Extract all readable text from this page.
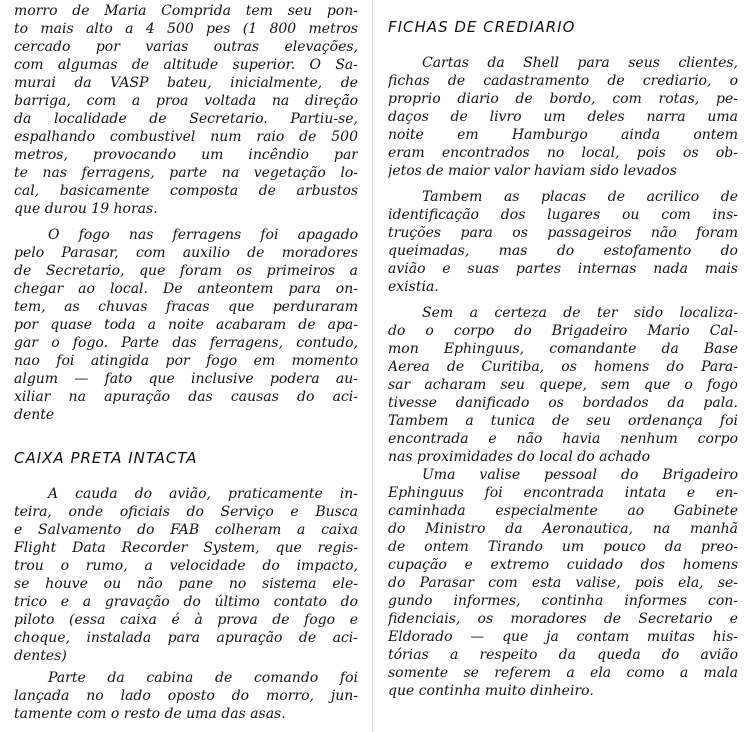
morro de Maria Comprida tem seu pon-
to mais alto a 4 500 pes (1 800 metros
cercado por varias outras elevações,
com algumas de altitude superior. O Sa-
murai da VASP bateu, inicialmente, de
barriga, com a proa voltada na direção
da localidade de Secretario. Partiu-se,
espalhando combustivel num raio de 500
metros, provocando um incêndio par
te nas ferragens, parte na vegetação lo-
cal, basicamente composta de arbustos
que durou 19 horas.
O fogo nas ferragens foi apagado
pelo Parasar, com auxilio de moradores
de Secretario, que foram os primeiros a
chegar ao local. De anteontem para on-
tem, as chuvas fracas que perduraram
por quase toda a noite acabaram de apa-
gar o fogo. Parte das ferragens, contudo,
nao foi atingida por fogo em momento
algum — fato que inclusive podera au-
xiliar na apuração das causas do aci-
dente
CAIXA PRETA INTACTA
A cauda do avião, praticamente in-
teira, onde oficiais do Serviço e Busca
e Salvamento do FAB colheram a caixa
Flight Data Recorder System, que regis-
trou o rumo, a velocidade do impacto,
se houve ou não pane no sistema ele-
trico e a gravação do último contato do
piloto (essa caixa é à prova de fogo e
choque, instalada para apuração de aci-
dentes)
Parte da cabina de comando foi
lançada no lado oposto do morro, jun-
tamente com o resto de uma das asas.
FICHAS DE CREDIARIO
Cartas da Shell para seus clientes,
fichas de cadastramento de crediario, o
proprio diario de bordo, com rotas, pe-
daços de livro um deles narra uma
noite em Hamburgo ainda ontem
eram encontrados no local, pois os ob-
jetos de maior valor haviam sido levados
Tambem as placas de acrilico de
identificação dos lugares ou com ins-
truções para os passageiros não foram
queimadas, mas do estofamento do
avião e suas partes internas nada mais
existia.
Sem a certeza de ter sido localiza-
do o corpo do Brigadeiro Mario Cal-
mon Ephinguus, comandante da Base
Aerea de Curitiba, os homens do Para-
sar acharam seu quepe, sem que o fogo
tivesse danificado os bordados da pala.
Tambem a tunica de seu ordenança foi
encontrada e não havia nenhum corpo
nas proximidades do local do achado
Uma valise pessoal do Brigadeiro
Ephinguus foi encontrada intata e en-
caminhada especialmente ao Gabinete
do Ministro da Aeronautica, na manhã
de ontem Tirando um pouco da preo-
cupação e extremo cuidado dos homens
do Parasar com esta valise, pois ela, se-
gundo informes, continha informes con-
fidenciais, os moradores de Secretario e
Eldorado — que ja contam muitas his-
tórias a respeito da queda do avião
somente se referem a ela como a mala
que continha muito dinheiro.
